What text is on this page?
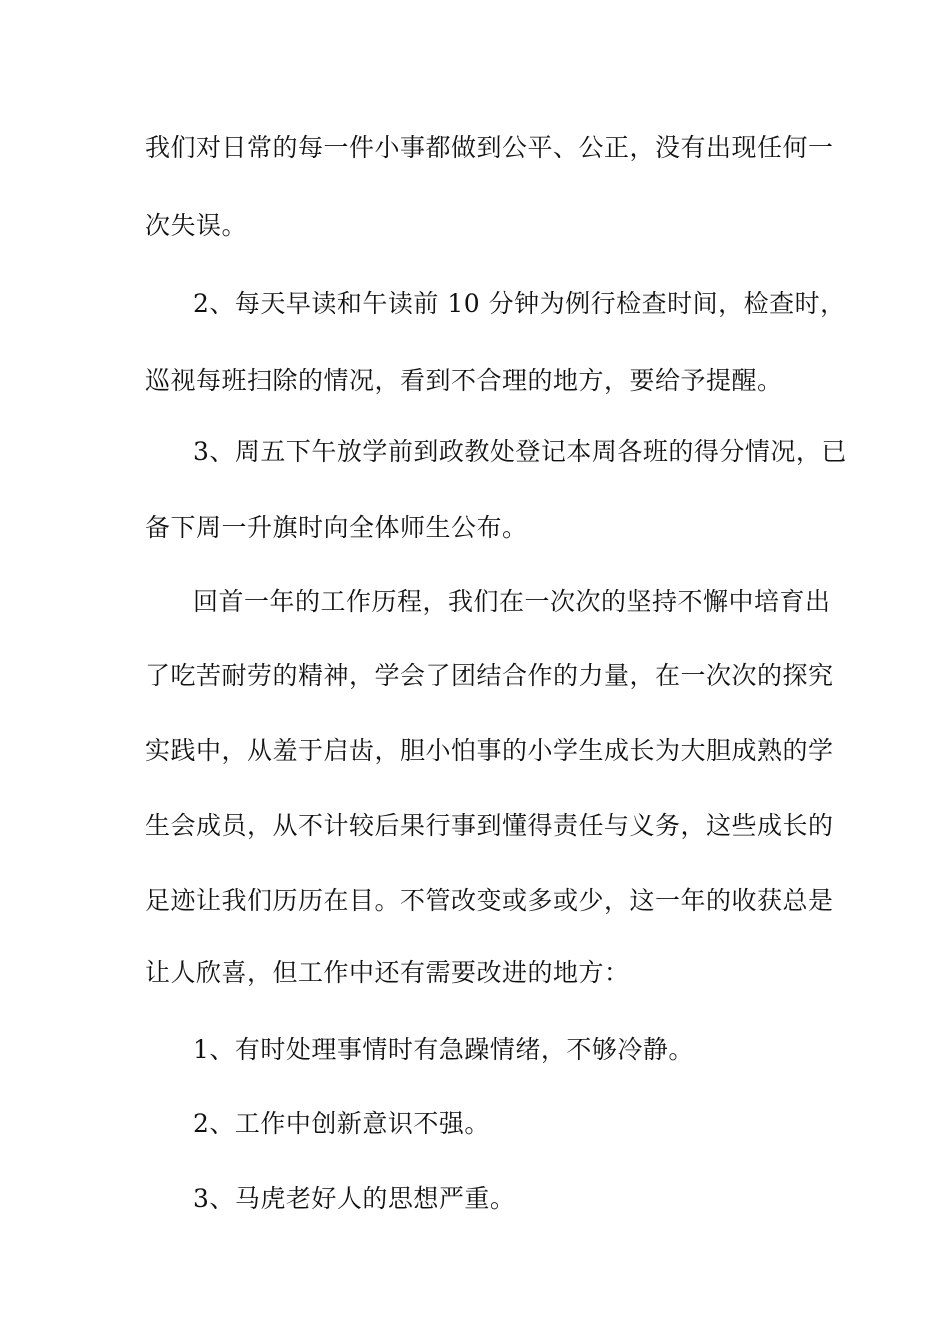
我们对日常的每一件小事都做到公平、公正，没有出现任何一
次失误。
2、每天早读和午读前 10 分钟为例行检查时间，检查时，
巡视每班扫除的情况，看到不合理的地方，要给予提醒。
3、周五下午放学前到政教处登记本周各班的得分情况，已
备下周一升旗时向全体师生公布。
回首一年的工作历程，我们在一次次的坚持不懈中培育出
了吃苦耐劳的精神，学会了团结合作的力量，在一次次的探究
实践中，从羞于启齿，胆小怕事的小学生成长为大胆成熟的学
生会成员，从不计较后果行事到懂得责任与义务，这些成长的
足迹让我们历历在目。不管改变或多或少，这一年的收获总是
让人欣喜，但工作中还有需要改进的地方：
1、有时处理事情时有急躁情绪，不够冷静。
2、工作中创新意识不强。
3、马虎老好人的思想严重。
